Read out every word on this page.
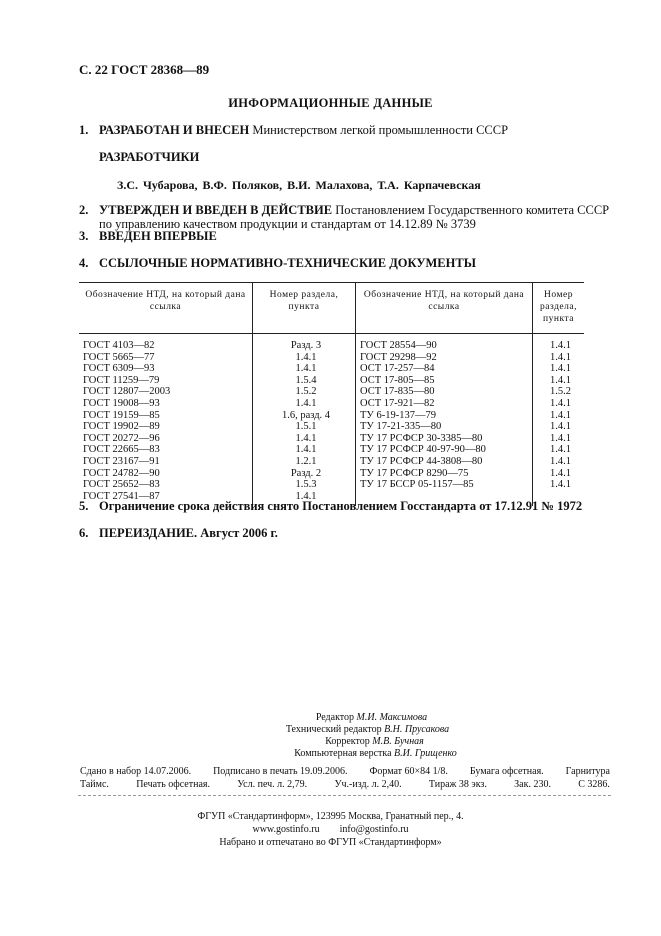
С. 22 ГОСТ 28368—89
ИНФОРМАЦИОННЫЕ ДАННЫЕ
1. РАЗРАБОТАН И ВНЕСЕН Министерством легкой промышленности СССР
РАЗРАБОТЧИКИ
З.С. Чубарова, В.Ф. Поляков, В.И. Малахова, Т.А. Карпачевская
2. УТВЕРЖДЕН И ВВЕДЕН В ДЕЙСТВИЕ Постановлением Государственного комитета СССР по управлению качеством продукции и стандартам от 14.12.89 № 3739
3. ВВЕДЕН ВПЕРВЫЕ
4. ССЫЛОЧНЫЕ НОРМАТИВНО-ТЕХНИЧЕСКИЕ ДОКУМЕНТЫ
Обозначение НТД, на который дана ссылка	Номер раздела, пункта	Обозначение НТД, на который дана ссылка	Номер раздела, пункта
ГОСТ 4103—82	Разд. 3	ГОСТ 28554—90	1.4.1
ГОСТ 5665—77	1.4.1	ГОСТ 29298—92	1.4.1
ГОСТ 6309—93	1.4.1	ОСТ 17-257—84	1.4.1
ГОСТ 11259—79	1.5.4	ОСТ 17-805—85	1.4.1
ГОСТ 12807—2003	1.5.2	ОСТ 17-835—80	1.5.2
ГОСТ 19008—93	1.4.1	ОСТ 17-921—82	1.4.1
ГОСТ 19159—85	1.6, разд. 4	ТУ 6-19-137—79	1.4.1
ГОСТ 19902—89	1.5.1	ТУ 17-21-335—80	1.4.1
ГОСТ 20272—96	1.4.1	ТУ 17 РСФСР 30-3385—80	1.4.1
ГОСТ 22665—83	1.4.1	ТУ 17 РСФСР 40-97-90—80	1.4.1
ГОСТ 23167—91	1.2.1	ТУ 17 РСФСР 44-3808—80	1.4.1
ГОСТ 24782—90	Разд. 2	ТУ 17 РСФСР 8290—75	1.4.1
ГОСТ 25652—83	1.5.3	ТУ 17 БССР 05-1157—85	1.4.1
ГОСТ 27541—87	1.4.1		
5. Ограничение срока действия снято Постановлением Госстандарта от 17.12.91 № 1972
6. ПЕРЕИЗДАНИЕ. Август 2006 г.
Редактор М.И. Максимова
Технический редактор В.Н. Прусакова
Корректор М.В. Бучная
Компьютерная верстка В.И. Грищенко
Сдано в набор 14.07.2006. Подписано в печать 19.09.2006. Формат 60×84 1/8. Бумага офсетная. Гарнитура
Таймс.	Печать офсетная.	Усл. печ. л. 2,79.	Уч.-изд. л. 2,40.	Тираж 38 экз.	Зак. 230.	С 3286.
ФГУП «Стандартинформ», 123995 Москва, Гранатный пер., 4.
www.gostinfo.ru        info@gostinfo.ru
Набрано и отпечатано во ФГУП «Стандартинформ»
